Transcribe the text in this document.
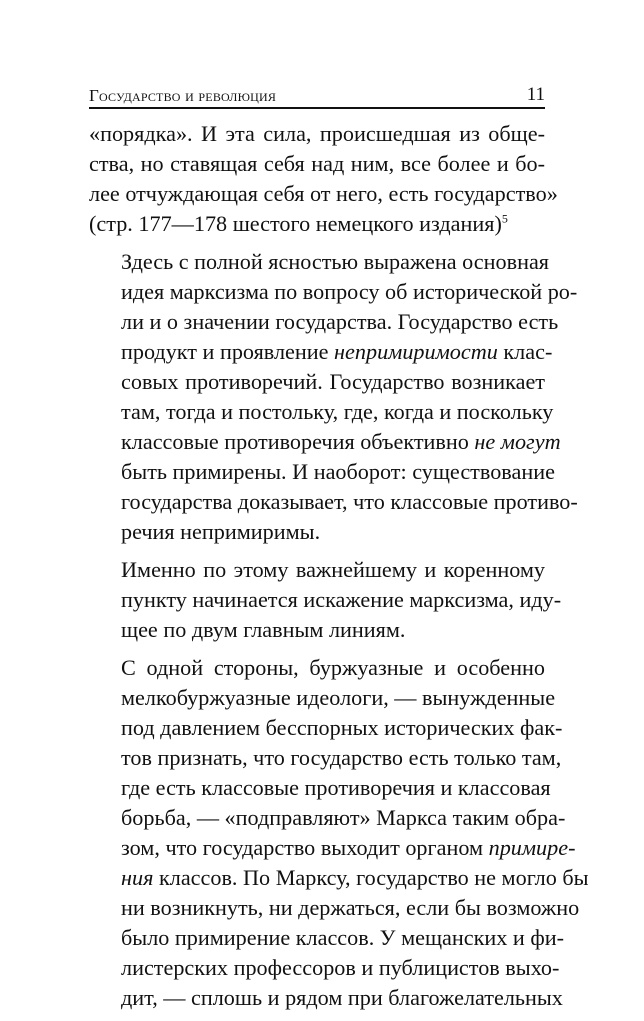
Государство и революция	11

«порядка». И эта сила, происшедшая из обще-
ства, но ставящая себя над ним, все более и бо-
лее отчуждающая себя от него, есть государство»
(стр. 177—178 шестого немецкого издания)$^5$

Здесь с полной ясностью выражена основная
идея марксизма по вопросу об исторической ро-
ли и о значении государства. Государство есть
продукт и проявление непримиримости клас-
совых противоречий. Государство возникает
там, тогда и постольку, где, когда и поскольку
классовые противоречия объективно не могут
быть примирены. И наоборот: существование
государства доказывает, что классовые противо-
речия непримиримы.

Именно по этому важнейшему и коренному
пункту начинается искажение марксизма, иду-
щее по двум главным линиям.

С одной стороны, буржуазные и особенно
мелкобуржуазные идеологи, — вынужденные
под давлением бесспорных исторических фак-
тов признать, что государство есть только там,
где есть классовые противоречия и классовая
борьба, — «подправляют» Маркса таким обра-
зом, что государство выходит органом примире-
ния классов. По Марксу, государство не могло бы
ни возникнуть, ни держаться, если бы возможно
было примирение классов. У мещанских и фи-
листерских профессоров и публицистов выхо-
дит, — сплошь и рядом при благожелательных
